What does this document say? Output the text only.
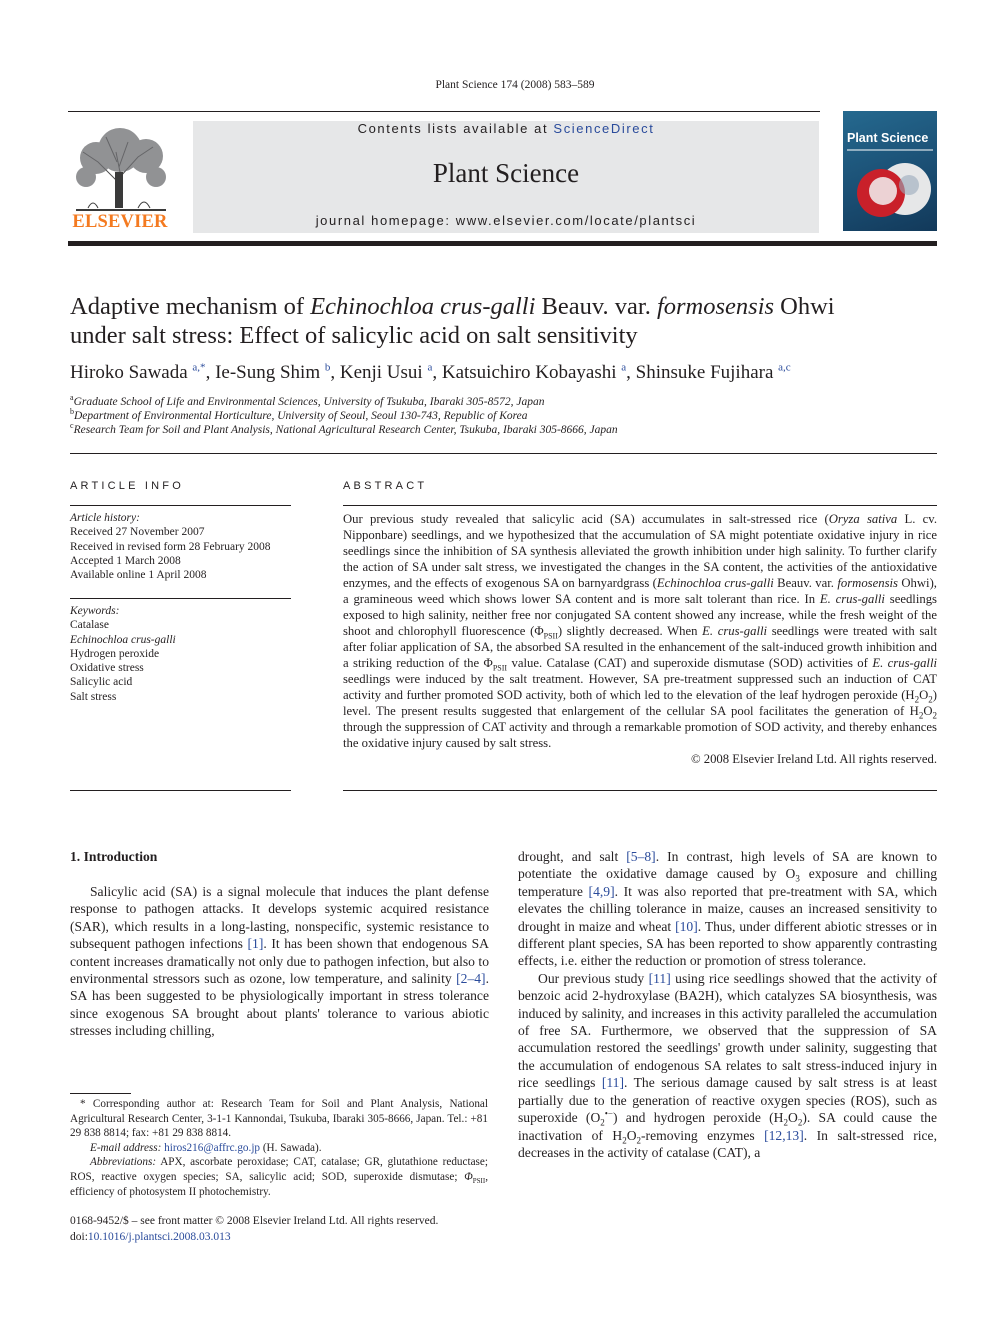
Plant Science 174 (2008) 583–589
ELSEVIER
Contents lists available at ScienceDirect
Plant Science
journal homepage: www.elsevier.com/locate/plantsci
Plant Science
Adaptive mechanism of Echinochloa crus-galli Beauv. var. formosensis Ohwi
under salt stress: Effect of salicylic acid on salt sensitivity
Hiroko Sawada $^{a,*}$, Ie-Sung Shim $^b$, Kenji Usui $^a$, Katsuichiro Kobayashi $^a$, Shinsuke Fujihara $^{a,c}$
$^a$Graduate School of Life and Environmental Sciences, University of Tsukuba, Ibaraki 305-8572, Japan
$^b$Department of Environmental Horticulture, University of Seoul, Seoul 130-743, Republic of Korea
$^c$Research Team for Soil and Plant Analysis, National Agricultural Research Center, Tsukuba, Ibaraki 305-8666, Japan
ARTICLE INFO
Article history:
Received 27 November 2007
Received in revised form 28 February 2008
Accepted 1 March 2008
Available online 1 April 2008
Keywords:
Catalase
Echinochloa crus-galli
Hydrogen peroxide
Oxidative stress
Salicylic acid
Salt stress
ABSTRACT
Our previous study revealed that salicylic acid (SA) accumulates in salt-stressed rice (Oryza sativa L. cv. Nipponbare) seedlings, and we hypothesized that the accumulation of SA might potentiate oxidative injury in rice seedlings since the inhibition of SA synthesis alleviated the growth inhibition under high salinity. To further clarify the action of SA under salt stress, we investigated the changes in the SA content, the activities of the antioxidative enzymes, and the effects of exogenous SA on barnyardgrass (Echinochloa crus-galli Beauv. var. formosensis Ohwi), a gramineous weed which shows lower SA content and is more salt tolerant than rice. In E. crus-galli seedlings exposed to high salinity, neither free nor conjugated SA content showed any increase, while the fresh weight of the shoot and chlorophyll fluorescence $(\Phi_{PSII})$ slightly decreased. When E. crus-galli seedlings were treated with salt after foliar application of SA, the absorbed SA resulted in the enhancement of the salt-induced growth inhibition and a striking reduction of the $\Phi_{PSII}$ value. Catalase (CAT) and superoxide dismutase (SOD) activities of E. crus-galli seedlings were induced by the salt treatment. However, SA pre-treatment suppressed such an induction of CAT activity and further promoted SOD activity, both of which led to the elevation of the leaf hydrogen peroxide $(H_2O_2)$ level. The present results suggested that enlargement of the cellular SA pool facilitates the generation of $H_2O_2$ through the suppression of CAT activity and through a remarkable promotion of SOD activity, and thereby enhances the oxidative injury caused by salt stress.
© 2008 Elsevier Ireland Ltd. All rights reserved.
1. Introduction

Salicylic acid (SA) is a signal molecule that induces the plant defense response to pathogen attacks. It develops systemic acquired resistance (SAR), which results in a long-lasting, nonspecific, systemic resistance to subsequent pathogen infections [1]. It has been shown that endogenous SA content increases dramatically not only due to pathogen infection, but also to environmental stressors such as ozone, low temperature, and salinity [2–4]. SA has been suggested to be physiologically important in stress tolerance since exogenous SA brought about plants' tolerance to various abiotic stresses including chilling,

* Corresponding author at: Research Team for Soil and Plant Analysis, National Agricultural Research Center, 3-1-1 Kannondai, Tsukuba, Ibaraki 305-8666, Japan. Tel.: +81 29 838 8814; fax: +81 29 838 8814.
E-mail address: hiros216@affrc.go.jp (H. Sawada).
Abbreviations: APX, ascorbate peroxidase; CAT, catalase; GR, glutathione reductase; ROS, reactive oxygen species; SA, salicylic acid; SOD, superoxide dismutase; $\Phi_{PSII}$, efficiency of photosystem II photochemistry.
0168-9452/$ – see front matter © 2008 Elsevier Ireland Ltd. All rights reserved.
doi:10.1016/j.plantsci.2008.03.013

drought, and salt [5–8]. In contrast, high levels of SA are known to potentiate the oxidative damage caused by $O_3$ exposure and chilling temperature [4,9]. It was also reported that pre-treatment with SA, which elevates the chilling tolerance in maize, causes an increased sensitivity to drought in maize and wheat [10]. Thus, under different abiotic stresses or in different plant species, SA has been reported to show apparently contrasting effects, i.e. either the reduction or promotion of stress tolerance.

Our previous study [11] using rice seedlings showed that the activity of benzoic acid 2-hydroxylase (BA2H), which catalyzes SA biosynthesis, was induced by salinity, and increases in this activity paralleled the accumulation of free SA. Furthermore, we observed that the suppression of SA accumulation restored the seedlings' growth under salinity, suggesting that the accumulation of endogenous SA relates to salt stress-induced injury in rice seedlings [11]. The serious damage caused by salt stress is at least partially due to the generation of reactive oxygen species (ROS), such as superoxide $(O_2^{•-})$ and hydrogen peroxide $(H_2O_2)$. SA could cause the inactivation of $H_2O_2$-removing enzymes [12,13]. In salt-stressed rice, decreases in the activity of catalase (CAT), a
